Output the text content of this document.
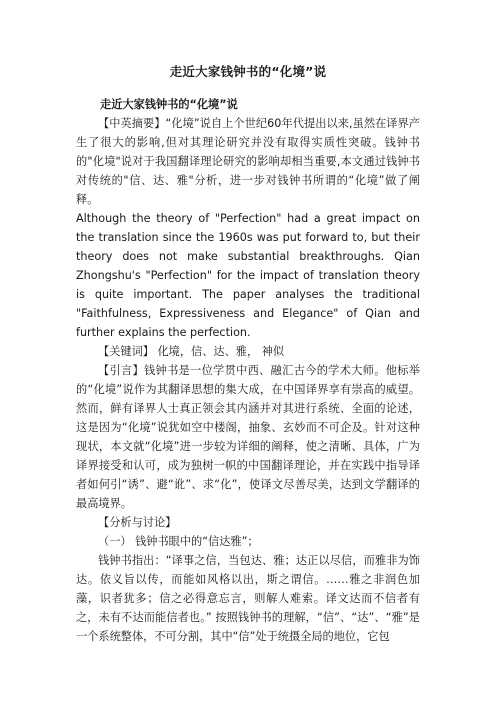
走近大家钱钟书的“化境”说
走近大家钱钟书的“化境”说

【中英摘要】“化境”说自上个世纪60年代提出以来,虽然在译界产生了很大的影响,但对其理论研究并没有取得实质性突破。钱钟书的"化境"说对于我国翻译理论研究的影响却相当重要,本文通过钱钟书对传统的"信、达、雅"分析，进一步对钱钟书所谓的“化境”做了阐释。

Although the theory of "Perfection" had a great impact on the translation since the 1960s was put forward to, but their theory does not make substantial breakthroughs. Qian Zhongshu's "Perfection" for the impact of translation theory is quite important. The paper analyses the traditional "Faithfulness, Expressiveness and Elegance" of Qian and further explains the perfection.

【关键词】 化境，信、达、雅， 神似

【引言】钱钟书是一位学贯中西、融汇古今的学术大师。他标举的“化境”说作为其翻译思想的集大成，在中国译界享有崇高的威望。然而，鲜有译界人士真正领会其内涵并对其进行系统、全面的论述，这是因为“化境”说犹如空中楼阁，抽象、玄妙而不可企及。针对这种现状，本文就“化境”进一步较为详细的阐释，使之清晰、具体，广为译界接受和认可，成为独树一帜的中国翻译理论，并在实践中指导译者如何引“诱”、避“讹”、求“化”，使译文尽善尽美，达到文学翻译的最高境界。

【分析与讨论】

（一） 钱钟书眼中的“信达雅”；

钱钟书指出：“译事之信，当包达、雅；达正以尽信，而雅非为饰达。依义旨以传，而能如风格以出，斯之谓信。……雅之非润色加藻，识者犹多；信之必得意忘言，则解人难索。译文达而不信者有之，未有不达而能信者也。” 按照钱钟书的理解，“信”、“达”、“雅”是一个系统整体，不可分割，其中“信”处于统摄全局的地位，它包
